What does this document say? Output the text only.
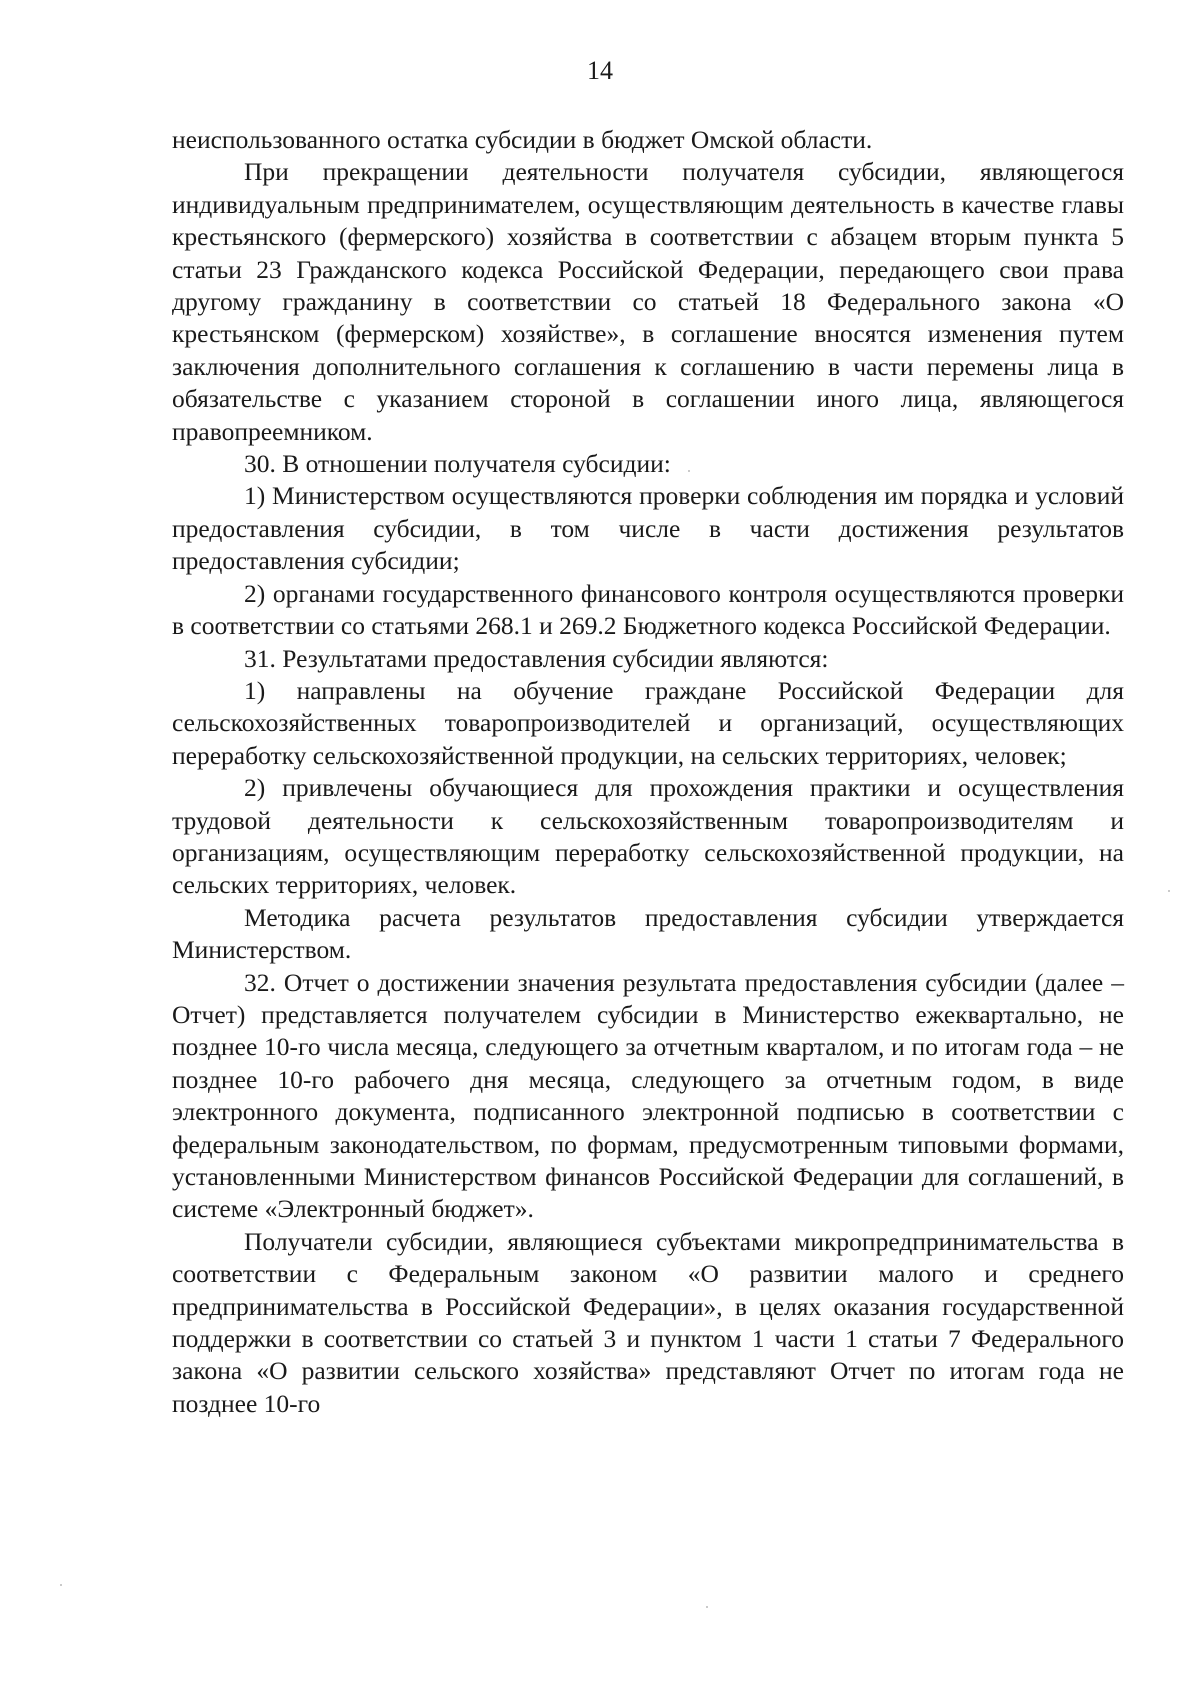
14

неиспользованного остатка субсидии в бюджет Омской области.

При прекращении деятельности получателя субсидии, являющегося индивидуальным предпринимателем, осуществляющим деятельность в качестве главы крестьянского (фермерского) хозяйства в соответствии с абзацем вторым пункта 5 статьи 23 Гражданского кодекса Российской Федерации, передающего свои права другому гражданину в соответствии со статьей 18 Федерального закона «О крестьянском (фермерском) хозяйстве», в соглашение вносятся изменения путем заключения дополнительного соглашения к соглашению в части перемены лица в обязательстве с указанием стороной в соглашении иного лица, являющегося правопреемником.

30. В отношении получателя субсидии:

1) Министерством осуществляются проверки соблюдения им порядка и условий предоставления субсидии, в том числе в части достижения результатов предоставления субсидии;

2) органами государственного финансового контроля осуществляются проверки в соответствии со статьями 268.1 и 269.2 Бюджетного кодекса Российской Федерации.

31. Результатами предоставления субсидии являются:

1) направлены на обучение граждане Российской Федерации для сельскохозяйственных товаропроизводителей и организаций, осуществляющих переработку сельскохозяйственной продукции, на сельских территориях, человек;

2) привлечены обучающиеся для прохождения практики и осуществления трудовой деятельности к сельскохозяйственным товаропроизводителям и организациям, осуществляющим переработку сельскохозяйственной продукции, на сельских территориях, человек.

Методика расчета результатов предоставления субсидии утверждается Министерством.

32. Отчет о достижении значения результата предоставления субсидии (далее – Отчет) представляется получателем субсидии в Министерство ежеквартально, не позднее 10-го числа месяца, следующего за отчетным кварталом, и по итогам года – не позднее 10-го рабочего дня месяца, следующего за отчетным годом, в виде электронного документа, подписанного электронной подписью в соответствии с федеральным законодательством, по формам, предусмотренным типовыми формами, установленными Министерством финансов Российской Федерации для соглашений, в системе «Электронный бюджет».

Получатели субсидии, являющиеся субъектами микропредпринимательства в соответствии с Федеральным законом «О развитии малого и среднего предпринимательства в Российской Федерации», в целях оказания государственной поддержки в соответствии со статьей 3 и пунктом 1 части 1 статьи 7 Федерального закона «О развитии сельского хозяйства» представляют Отчет по итогам года не позднее 10-го
